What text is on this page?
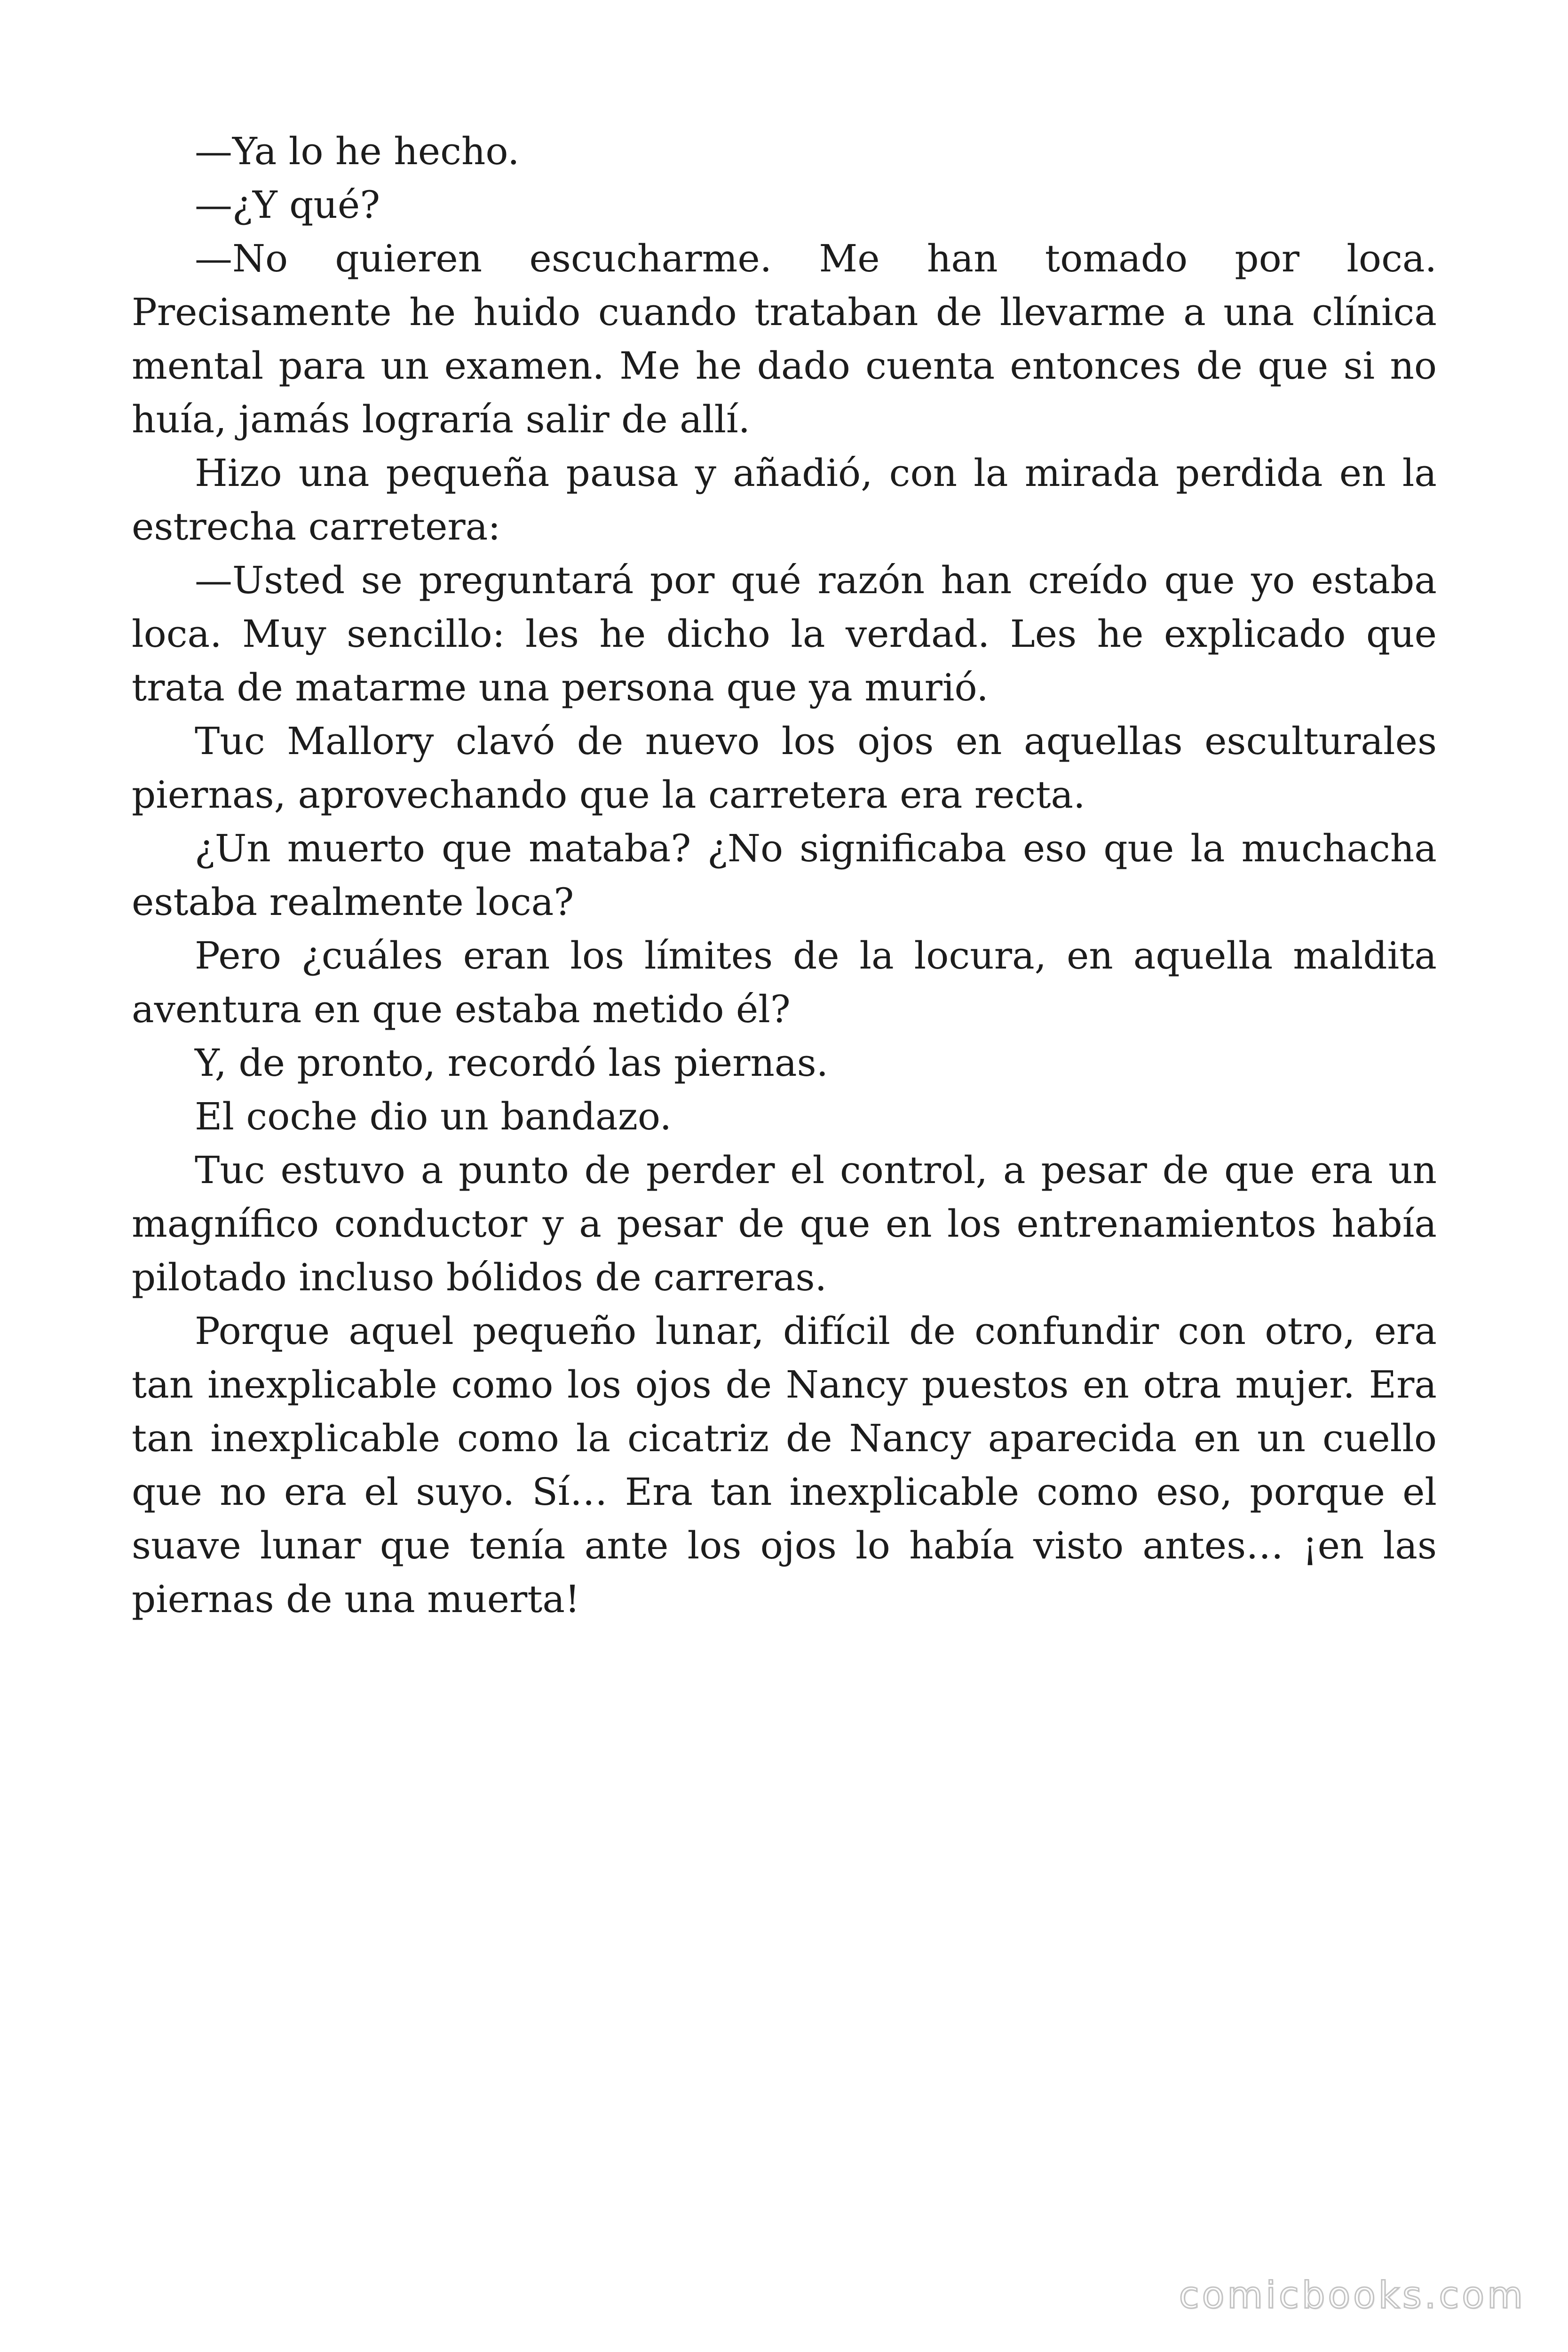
—Ya lo he hecho.

—¿Y qué?

—No quieren escucharme. Me han tomado por loca. Precisamente he huido cuando trataban de llevarme a una clínica mental para un examen. Me he dado cuenta entonces de que si no huía, jamás lograría salir de allí.

Hizo una pequeña pausa y añadió, con la mirada perdida en la estrecha carretera:

—Usted se preguntará por qué razón han creído que yo estaba loca. Muy sencillo: les he dicho la verdad. Les he explicado que trata de matarme una persona que ya murió.

Tuc Mallory clavó de nuevo los ojos en aquellas esculturales piernas, aprovechando que la carretera era recta.

¿Un muerto que mataba? ¿No significaba eso que la muchacha estaba realmente loca?

Pero ¿cuáles eran los límites de la locura, en aquella maldita aventura en que estaba metido él?

Y, de pronto, recordó las piernas.

El coche dio un bandazo.

Tuc estuvo a punto de perder el control, a pesar de que era un magnífico conductor y a pesar de que en los entrenamientos había pilotado incluso bólidos de carreras.

Porque aquel pequeño lunar, difícil de confundir con otro, era tan inexplicable como los ojos de Nancy puestos en otra mujer. Era tan inexplicable como la cicatriz de Nancy aparecida en un cuello que no era el suyo. Sí… Era tan inexplicable como eso, porque el suave lunar que tenía ante los ojos lo había visto antes… ¡en las piernas de una muerta!

comicbooks.com
